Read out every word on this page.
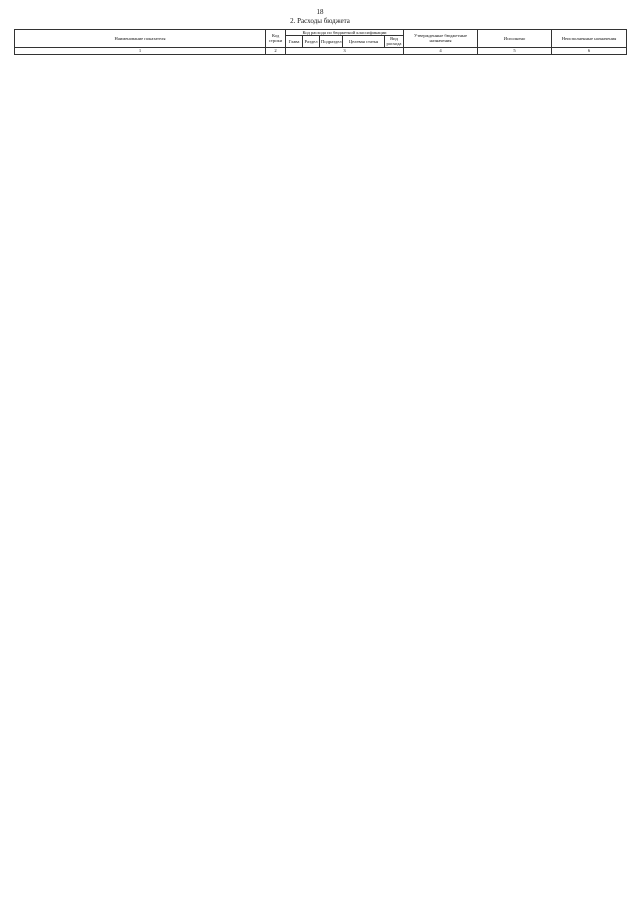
18
2. Расходы бюджета
Наименование показателя	Код строки	Код расхода по бюджетной классификации					Утвержденные бюджетные назначения	Исполнено	Неисполненные назначения
		Глава	Раздел	Подраздел	Целевая статья	Вид расхода			
1	2	3					4	5	6
